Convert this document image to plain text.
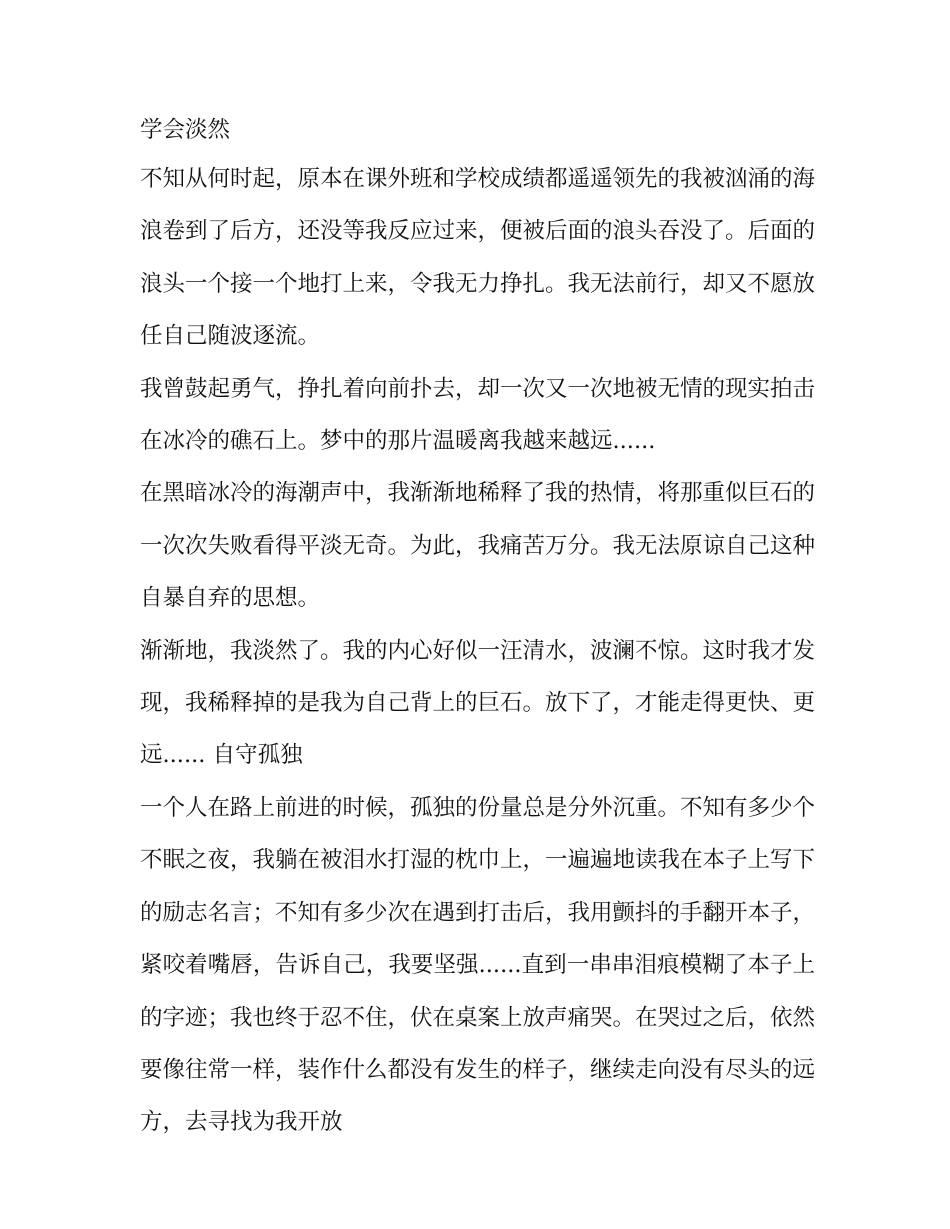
学会淡然
不知从何时起，原本在课外班和学校成绩都遥遥领先的我被汹涌的海浪卷到了后方，还没等我反应过来，便被后面的浪头吞没了。后面的浪头一个接一个地打上来，令我无力挣扎。我无法前行，却又不愿放任自己随波逐流。
我曾鼓起勇气，挣扎着向前扑去，却一次又一次地被无情的现实拍击在冰冷的礁石上。梦中的那片温暖离我越来越远......
在黑暗冰冷的海潮声中，我渐渐地稀释了我的热情，将那重似巨石的一次次失败看得平淡无奇。为此，我痛苦万分。我无法原谅自己这种自暴自弃的思想。
渐渐地，我淡然了。我的内心好似一汪清水，波澜不惊。这时我才发现，我稀释掉的是我为自己背上的巨石。放下了，才能走得更快、更远...... 自守孤独
一个人在路上前进的时候，孤独的份量总是分外沉重。不知有多少个不眠之夜，我躺在被泪水打湿的枕巾上，一遍遍地读我在本子上写下的励志名言；不知有多少次在遇到打击后，我用颤抖的手翻开本子，紧咬着嘴唇，告诉自己，我要坚强......直到一串串泪痕模糊了本子上的字迹；我也终于忍不住，伏在桌案上放声痛哭。在哭过之后，依然要像往常一样，装作什么都没有发生的样子，继续走向没有尽头的远方，去寻找为我开放
